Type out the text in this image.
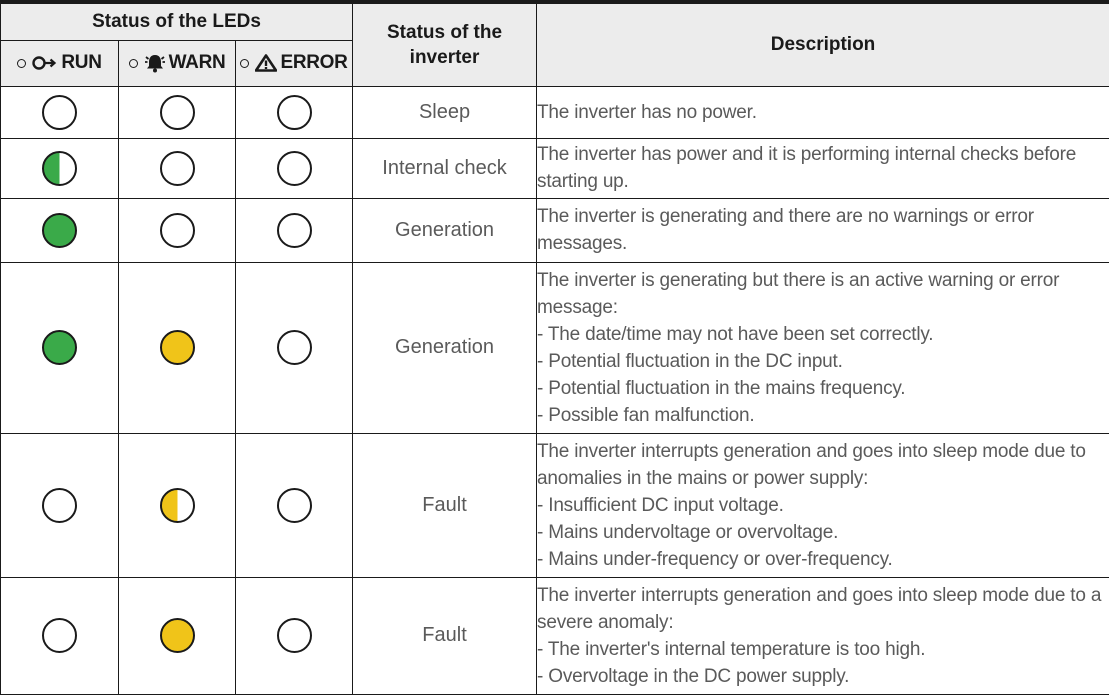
Status of the LEDs			Status of the inverter	Description

RUN	WARN	ERROR		

			Sleep	The inverter has no power.

			Internal check	The inverter has power and it is performing internal checks before starting up.

			Generation	The inverter is generating and there are no warnings or error messages.

			Generation	The inverter is generating but there is an active warning or error message:
- The date/time may not have been set correctly.
- Potential fluctuation in the DC input.
- Potential fluctuation in the mains frequency.
- Possible fan malfunction.

			Fault	The inverter interrupts generation and goes into sleep mode due to anomalies in the mains or power supply:
- Insufficient DC input voltage.
- Mains undervoltage or overvoltage.
- Mains under-frequency or over-frequency.

			Fault	The inverter interrupts generation and goes into sleep mode due to a severe anomaly:
- The inverter's internal temperature is too high.
- Overvoltage in the DC power supply.
